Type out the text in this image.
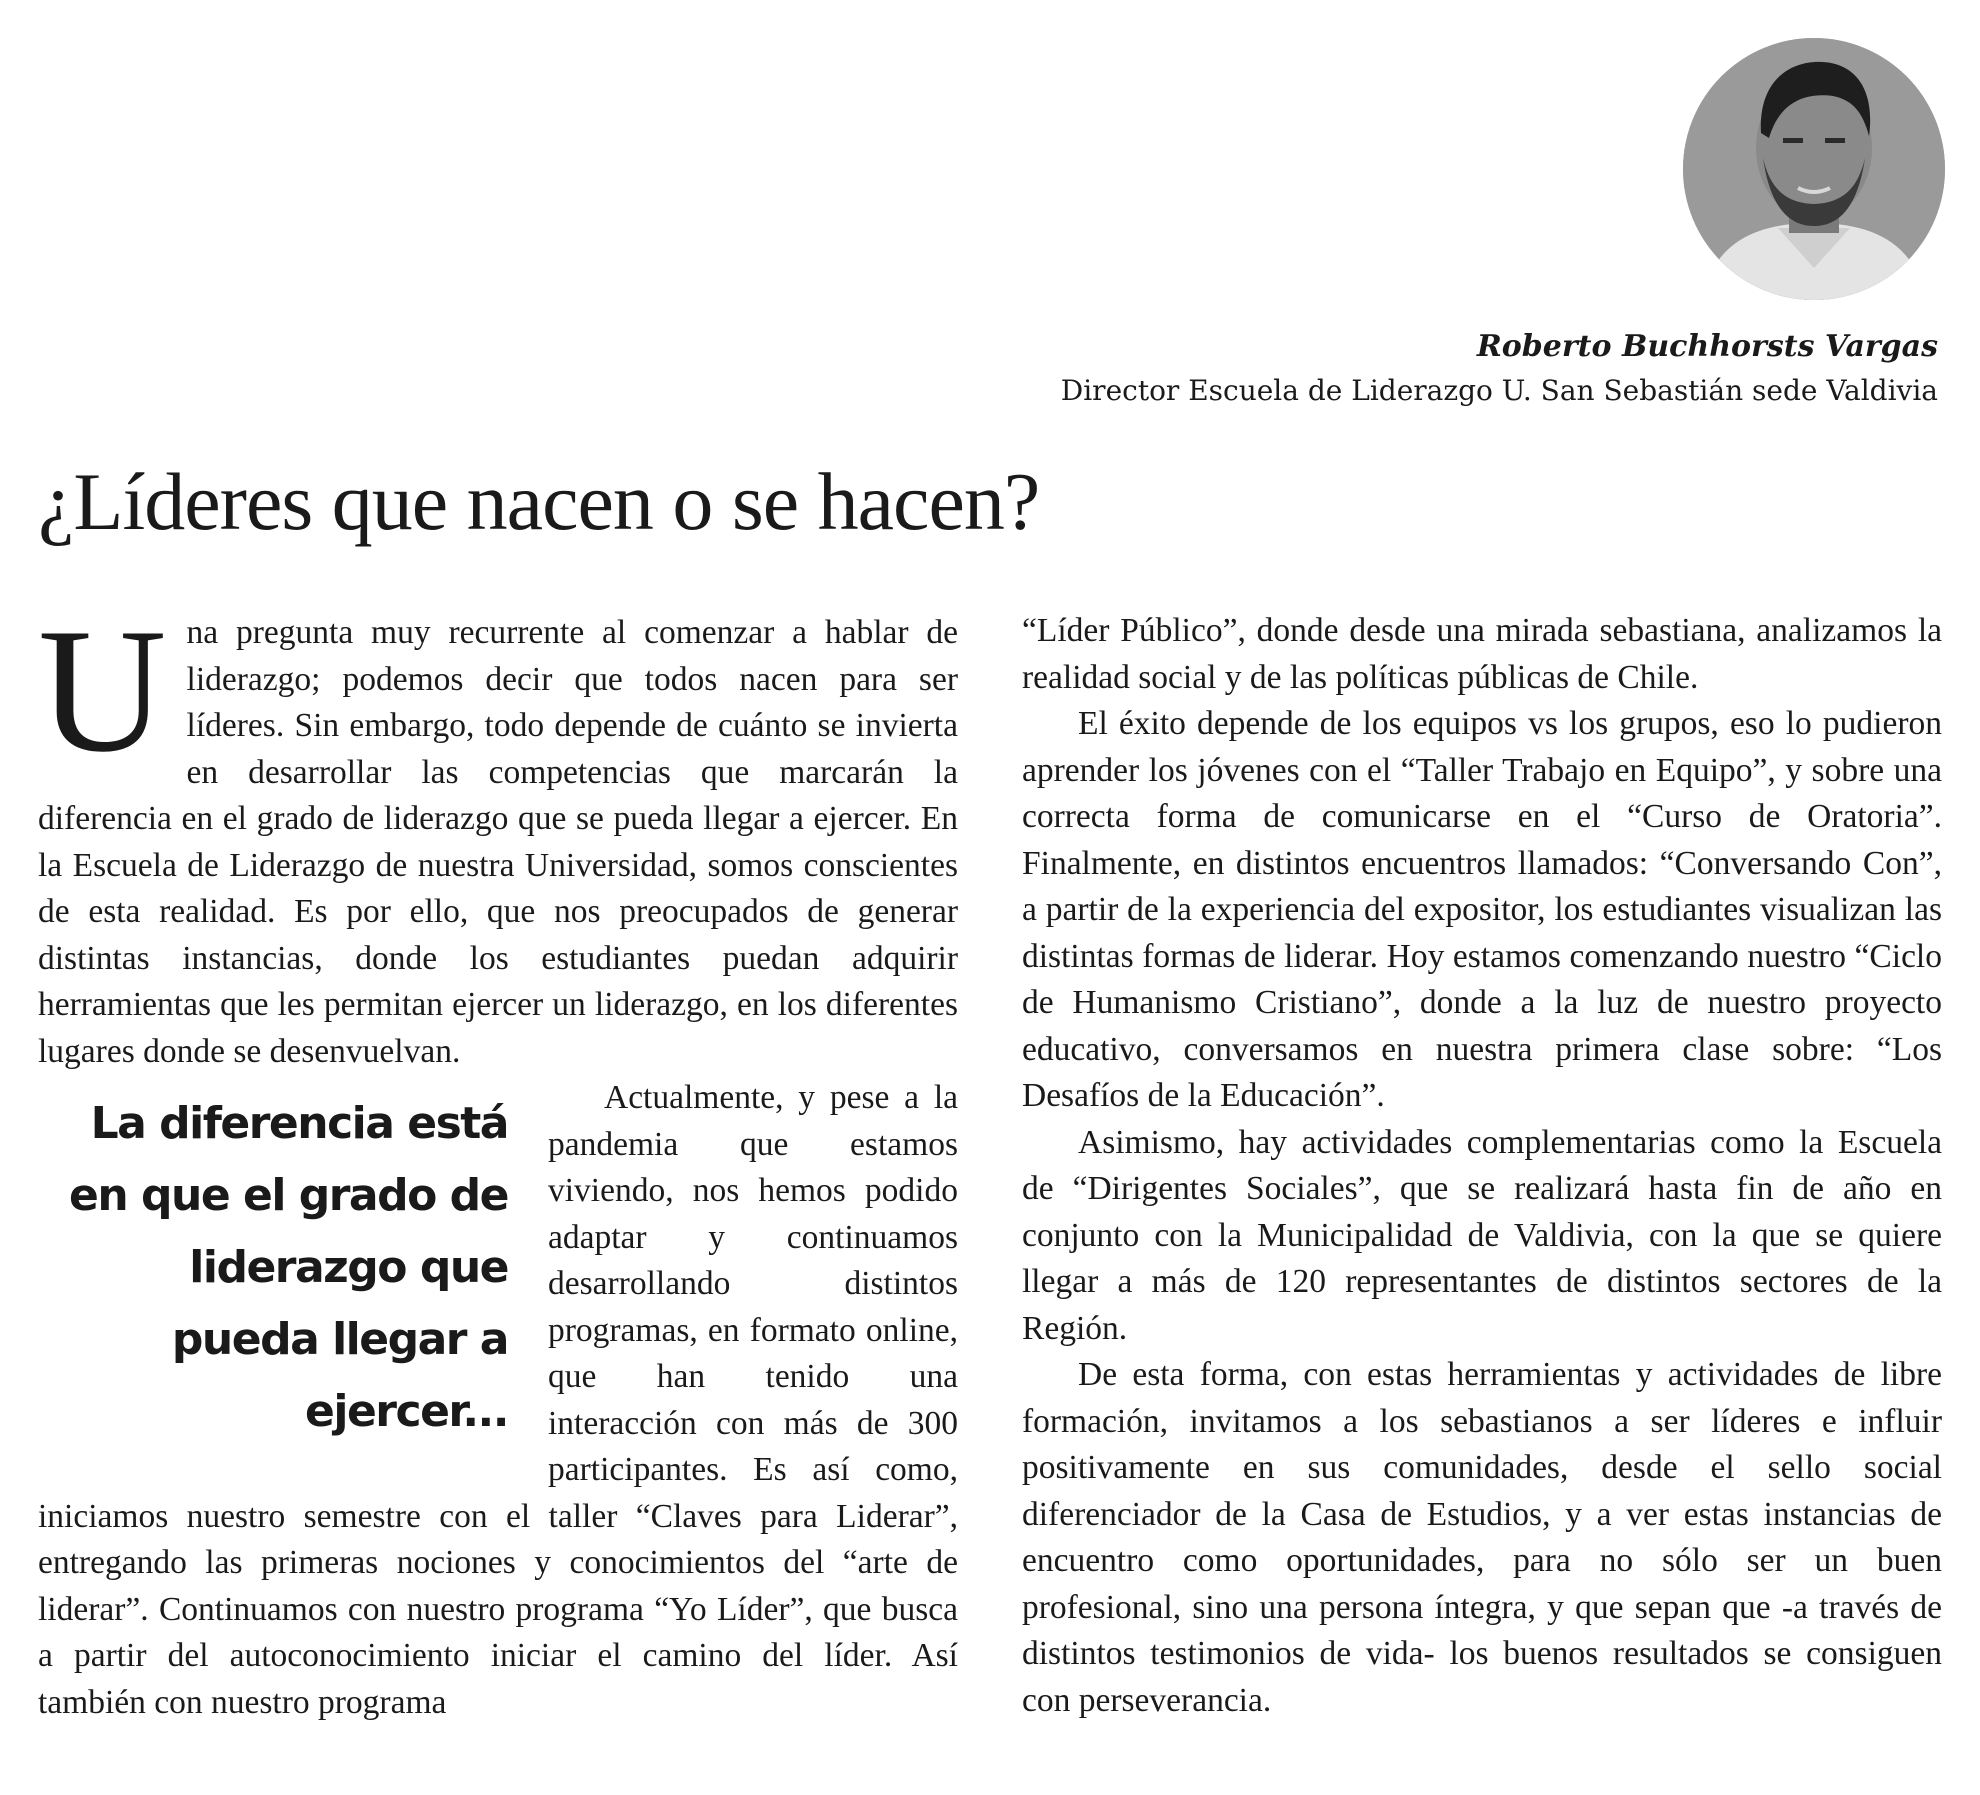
Roberto Buchhorsts Vargas
Director Escuela de Liderazgo U. San Sebastián sede Valdivia
¿Líderes que nacen o se hacen?
U
La diferencia está en que el grado de liderazgo que pueda llegar a ejercer...

na pregunta muy recurrente al comenzar a hablar de liderazgo; podemos decir que todos nacen para ser líderes. Sin embargo, todo depende de cuánto se invierta en desarrollar las competencias que marcarán la diferencia en el grado de liderazgo que se pueda llegar a ejercer. En la Escuela de Liderazgo de nuestra Universidad, somos conscientes de esta realidad. Es por ello, que nos preocupados de generar distintas instancias, donde los estudiantes puedan adquirir herramientas que les permitan ejercer un liderazgo, en los diferentes lugares donde se desenvuelvan.

Actualmente, y pese a la pandemia que estamos viviendo, nos hemos podido adaptar y continuamos desarrollando distintos programas, en formato online, que han tenido una interacción con más de 300 participantes. Es así como, iniciamos nuestro semestre con el taller “Claves para Liderar”, entregando las primeras nociones y conocimientos del “arte de liderar”. Continuamos con nuestro programa “Yo Líder”, que busca a partir del autoconocimiento iniciar el camino del líder. Así también con nuestro programa

“Líder Público”, donde desde una mirada sebastiana, analizamos la realidad social y de las políticas públicas de Chile.

El éxito depende de los equipos vs los grupos, eso lo pudieron aprender los jóvenes con el “Taller Trabajo en Equipo”, y sobre una correcta forma de comunicarse en el “Curso de Oratoria”. Finalmente, en distintos encuentros llamados: “Conversando Con”, a partir de la experiencia del expositor, los estudiantes visualizan las distintas formas de liderar. Hoy estamos comenzando nuestro “Ciclo de Humanismo Cristiano”, donde a la luz de nuestro proyecto educativo, conversamos en nuestra primera clase sobre: “Los Desafíos de la Educación”.

Asimismo, hay actividades complementarias como la Escuela de “Dirigentes Sociales”, que se realizará hasta fin de año en conjunto con la Municipalidad de Valdivia, con la que se quiere llegar a más de 120 representantes de distintos sectores de la Región.

De esta forma, con estas herramientas y actividades de libre formación, invitamos a los sebastianos a ser líderes e influir positivamente en sus comunidades, desde el sello social diferenciador de la Casa de Estudios, y a ver estas instancias de encuentro como oportunidades, para no sólo ser un buen profesional, sino una persona íntegra, y que sepan que -a través de distintos testimonios de vida- los buenos resultados se consiguen con perseverancia.
